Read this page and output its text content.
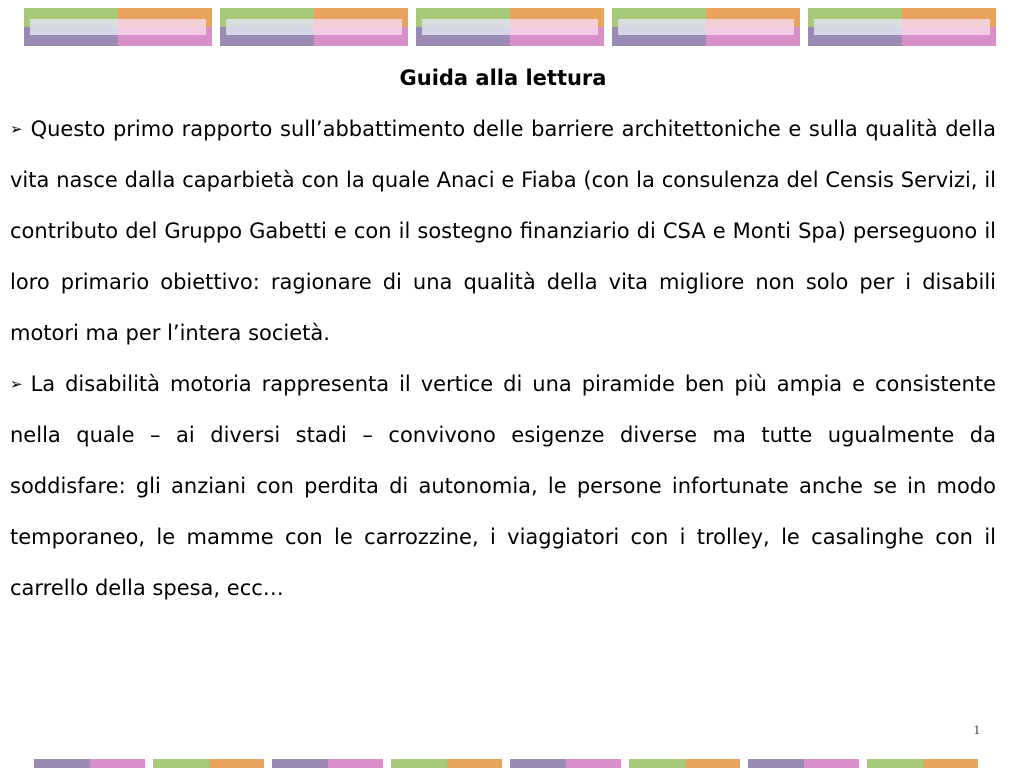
Guida alla lettura

➢ Questo primo rapporto sull’abbattimento delle barriere architettoniche e sulla qualità della vita nasce dalla caparbietà con la quale Anaci e Fiaba (con la consulenza del Censis Servizi, il contributo del Gruppo Gabetti e con il sostegno finanziario di CSA e Monti Spa) perseguono il loro primario obiettivo: ragionare di una qualità della vita migliore non solo per i disabili motori ma per l’intera società.

➢ La disabilità motoria rappresenta il vertice di una piramide ben più ampia e consistente nella quale – ai diversi stadi – convivono esigenze diverse ma tutte ugualmente da soddisfare: gli anziani con perdita di autonomia, le persone infortunate anche se in modo temporaneo, le mamme con le carrozzine, i viaggiatori con i trolley, le casalinghe con il carrello della spesa, ecc…

1
